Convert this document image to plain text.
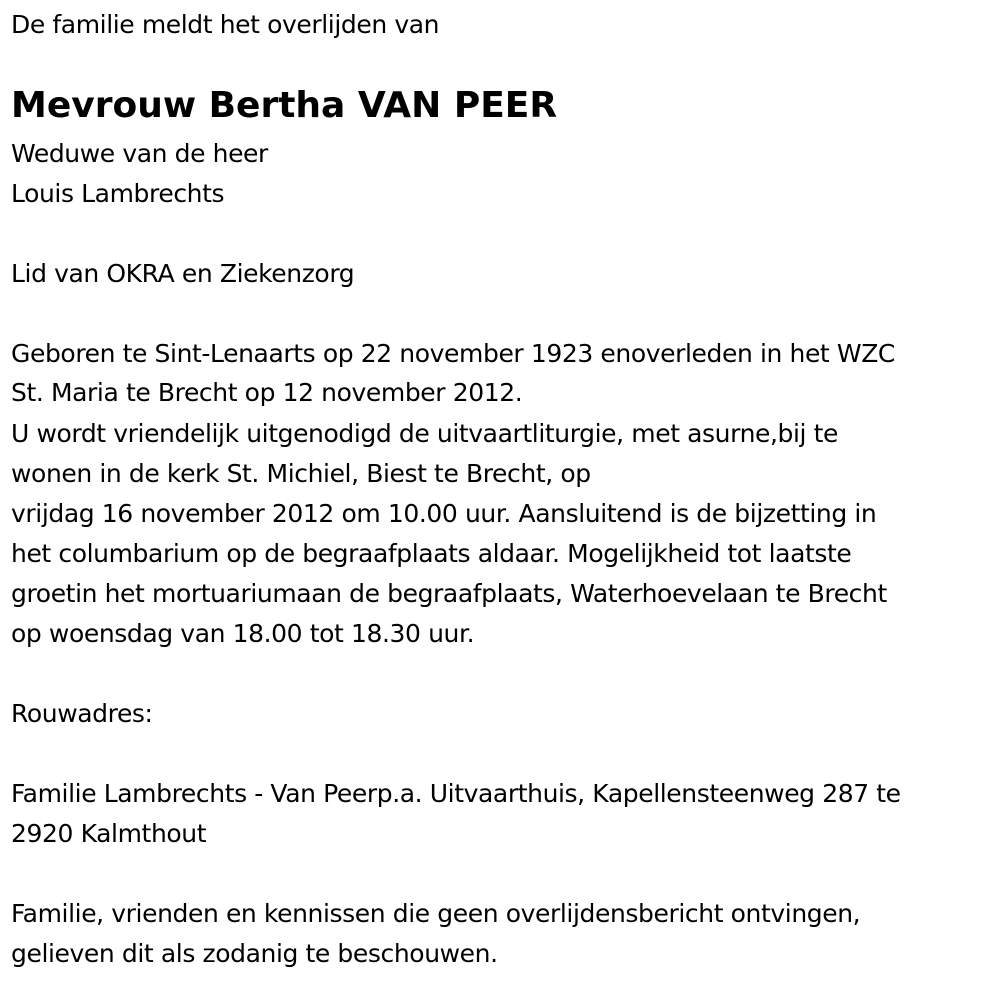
De familie meldt het overlijden van
Mevrouw Bertha VAN PEER
Weduwe van de heer
Louis Lambrechts
Lid van OKRA en Ziekenzorg
Geboren te Sint-Lenaarts op 22 november 1923 enoverleden in het WZC
St. Maria te Brecht op 12 november 2012.
U wordt vriendelijk uitgenodigd de uitvaartliturgie, met asurne,bij te
wonen in de kerk St. Michiel, Biest te Brecht, op
vrijdag 16 november 2012 om 10.00 uur. Aansluitend is de bijzetting in
het columbarium op de begraafplaats aldaar. Mogelijkheid tot laatste
groetin het mortuariumaan de begraafplaats, Waterhoevelaan te Brecht
op woensdag van 18.00 tot 18.30 uur.
Rouwadres:
Familie Lambrechts - Van Peerp.a. Uitvaarthuis, Kapellensteenweg 287 te
2920 Kalmthout
Familie, vrienden en kennissen die geen overlijdensbericht ontvingen,
gelieven dit als zodanig te beschouwen.
